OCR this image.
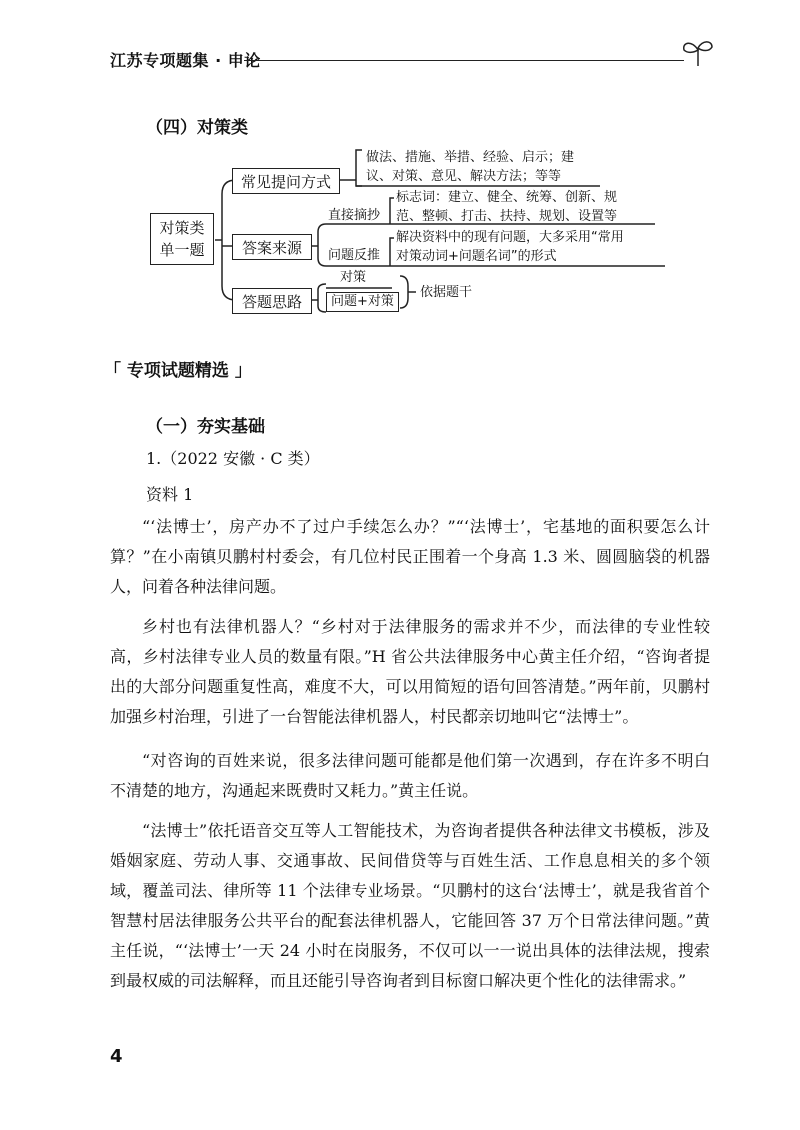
江苏专项题集 · 申论
（四）对策类
对策类
单一题
常见提问方式
答案来源
答题思路
做法、措施、举措、经验、启示；建
议、对策、意见、解决方法；等等
直接摘抄
标志词：建立、健全、统筹、创新、规
范、整顿、打击、扶持、规划、设置等
问题反推
解决资料中的现有问题，大多采用“常用
对策动词+问题名词”的形式
对策
问题+对策
依据题干
「 专项试题精选 」
（一）夯实基础
1.（2022 安徽 · C 类）
资料 1
“‘法博士’，房产办不了过户手续怎么办？”“‘法博士’，宅基地的面积要怎么计算？”在小南镇贝鹏村村委会，有几位村民正围着一个身高 1.3 米、圆圆脑袋的机器人，问着各种法律问题。
乡村也有法律机器人？“乡村对于法律服务的需求并不少，而法律的专业性较高，乡村法律专业人员的数量有限。”H 省公共法律服务中心黄主任介绍，“咨询者提出的大部分问题重复性高，难度不大，可以用简短的语句回答清楚。”两年前，贝鹏村加强乡村治理，引进了一台智能法律机器人，村民都亲切地叫它“法博士”。
“对咨询的百姓来说，很多法律问题可能都是他们第一次遇到，存在许多不明白不清楚的地方，沟通起来既费时又耗力。”黄主任说。
“法博士”依托语音交互等人工智能技术，为咨询者提供各种法律文书模板，涉及婚姻家庭、劳动人事、交通事故、民间借贷等与百姓生活、工作息息相关的多个领域，覆盖司法、律所等 11 个法律专业场景。“贝鹏村的这台‘法博士’，就是我省首个智慧村居法律服务公共平台的配套法律机器人，它能回答 37 万个日常法律问题。”黄主任说，“‘法博士’一天 24 小时在岗服务，不仅可以一一说出具体的法律法规，搜索到最权威的司法解释，而且还能引导咨询者到目标窗口解决更个性化的法律需求。”
4
